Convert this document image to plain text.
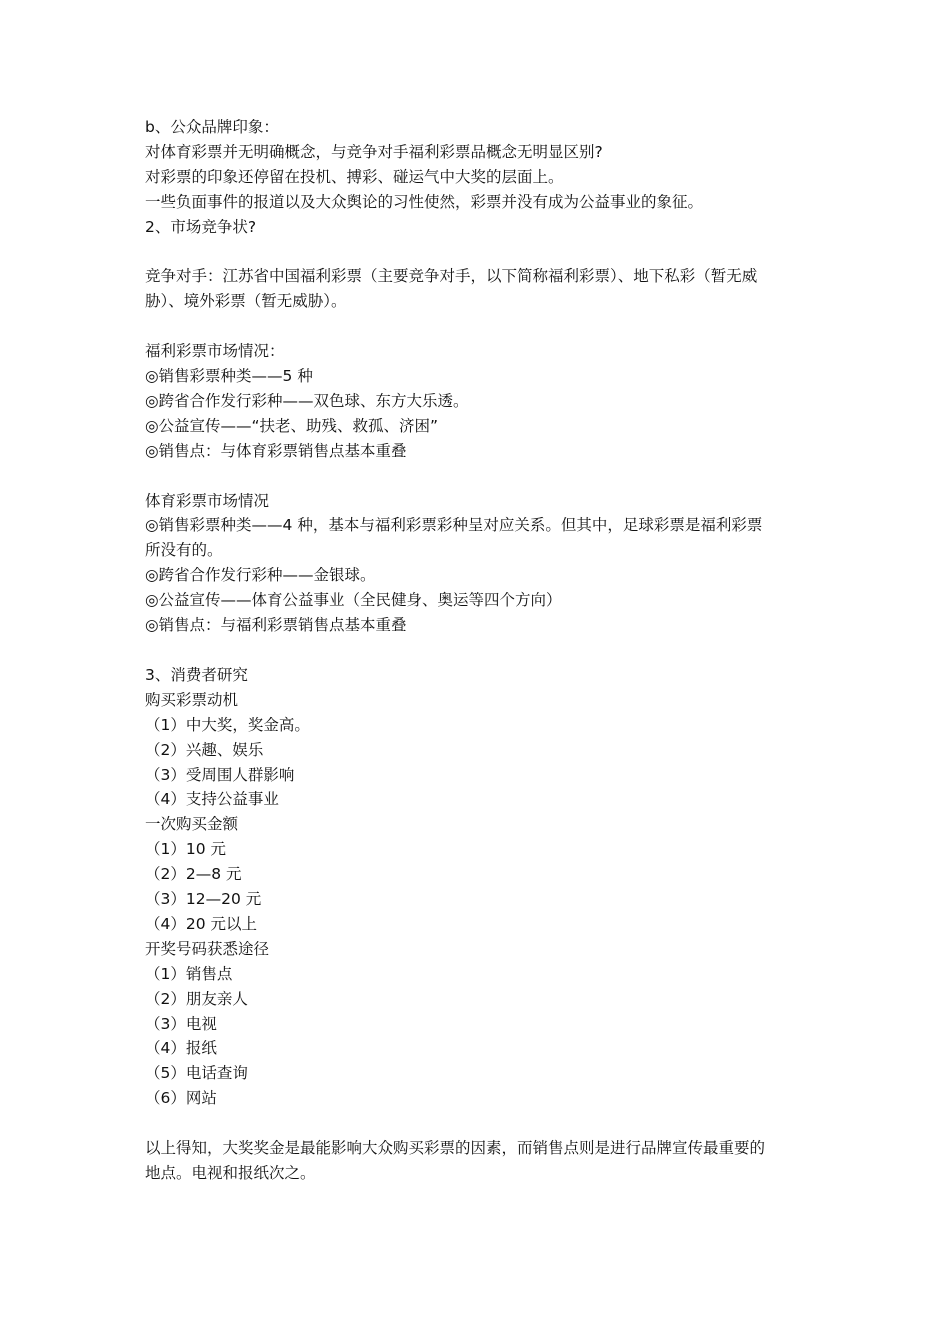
b、公众品牌印象：

对体育彩票并无明确概念，与竞争对手福利彩票品概念无明显区别?

对彩票的印象还停留在投机、搏彩、碰运气中大奖的层面上。

一些负面事件的报道以及大众舆论的习性使然，彩票并没有成为公益事业的象征。

2、市场竞争状?

竞争对手：江苏省中国福利彩票（主要竞争对手，以下简称福利彩票）、地下私彩（暂无威

胁）、境外彩票（暂无威胁）。

福利彩票市场情况：

◎销售彩票种类——5 种

◎跨省合作发行彩种——双色球、东方大乐透。

◎公益宣传——“扶老、助残、救孤、济困”

◎销售点：与体育彩票销售点基本重叠

体育彩票市场情况

◎销售彩票种类——4 种，基本与福利彩票彩种呈对应关系。但其中，足球彩票是福利彩票

所没有的。

◎跨省合作发行彩种——金银球。

◎公益宣传——体育公益事业（全民健身、奥运等四个方向）

◎销售点：与福利彩票销售点基本重叠

3、消费者研究

购买彩票动机

（1）中大奖，奖金高。

（2）兴趣、娱乐

（3）受周围人群影响

（4）支持公益事业

一次购买金额

（1）10 元

（2）2—8 元

（3）12—20 元

（4）20 元以上

开奖号码获悉途径

（1）销售点

（2）朋友亲人

（3）电视

（4）报纸

（5）电话查询

（6）网站

以上得知，大奖奖金是最能影响大众购买彩票的因素，而销售点则是进行品牌宣传最重要的

地点。电视和报纸次之。
